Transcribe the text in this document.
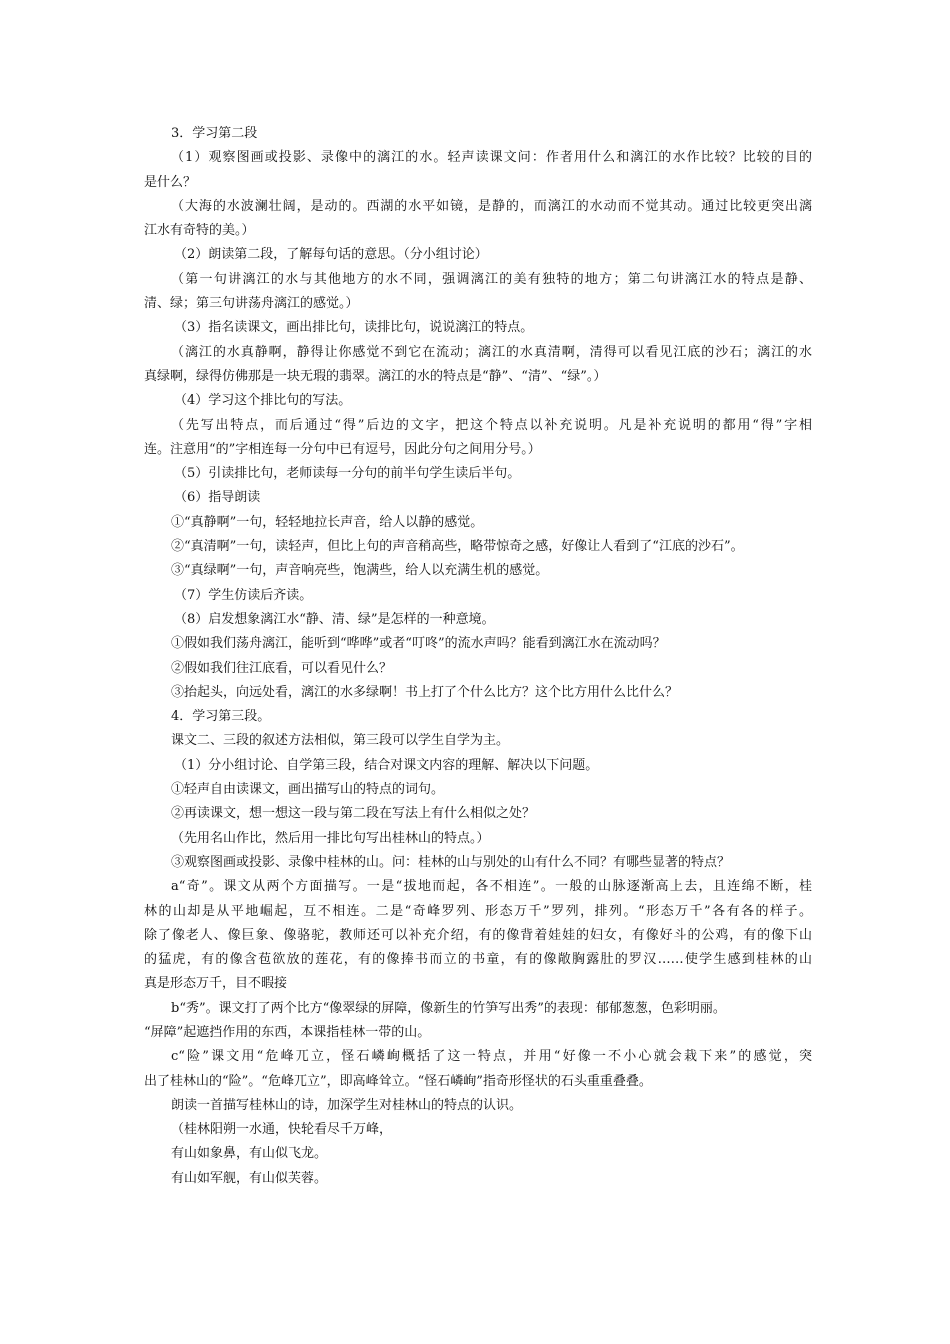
3．学习第二段
（1）观察图画或投影、录像中的漓江的水。轻声读课文问：作者用什么和漓江的水作比较？比较的目的
是什么？
（大海的水波澜壮阔，是动的。西湖的水平如镜，是静的，而漓江的水动而不觉其动。通过比较更突出漓
江水有奇特的美。）
（2）朗读第二段，了解每句话的意思。（分小组讨论）
（第一句讲漓江的水与其他地方的水不同，强调漓江的美有独特的地方；第二句讲漓江水的特点是静、
清、绿；第三句讲荡舟漓江的感觉。）
（3）指名读课文，画出排比句，读排比句，说说漓江的特点。
（漓江的水真静啊，静得让你感觉不到它在流动；漓江的水真清啊，清得可以看见江底的沙石；漓江的水
真绿啊，绿得仿佛那是一块无瑕的翡翠。漓江的水的特点是“静”、“清”、“绿”。）
（4）学习这个排比句的写法。
（先写出特点，而后通过“得”后边的文字，把这个特点以补充说明。凡是补充说明的都用“得”字相
连。注意用“的”字相连每一分句中已有逗号，因此分句之间用分号。）
（5）引读排比句，老师读每一分句的前半句学生读后半句。
（6）指导朗读
①“真静啊”一句，轻轻地拉长声音，给人以静的感觉。
②“真清啊”一句，读轻声，但比上句的声音稍高些，略带惊奇之感，好像让人看到了“江底的沙石”。
③“真绿啊”一句，声音响亮些，饱满些，给人以充满生机的感觉。
（7）学生仿读后齐读。
（8）启发想象漓江水“静、清、绿”是怎样的一种意境。
①假如我们荡舟漓江，能听到“哗哗”或者“叮咚”的流水声吗？能看到漓江水在流动吗？
②假如我们往江底看，可以看见什么？
③抬起头，向远处看，漓江的水多绿啊！书上打了个什么比方？这个比方用什么比什么？
4．学习第三段。
课文二、三段的叙述方法相似，第三段可以学生自学为主。
（1）分小组讨论、自学第三段，结合对课文内容的理解、解决以下问题。
①轻声自由读课文，画出描写山的特点的词句。
②再读课文，想一想这一段与第二段在写法上有什么相似之处？
（先用名山作比，然后用一排比句写出桂林山的特点。）
③观察图画或投影、录像中桂林的山。问：桂林的山与别处的山有什么不同？有哪些显著的特点？
a“奇”。课文从两个方面描写。一是“拔地而起，各不相连”。一般的山脉逐渐高上去，且连绵不断，桂
林的山却是从平地崛起，互不相连。二是“奇峰罗列、形态万千”罗列，排列。“形态万千”各有各的样子。
除了像老人、像巨象、像骆驼，教师还可以补充介绍，有的像背着娃娃的妇女，有像好斗的公鸡，有的像下山
的猛虎，有的像含苞欲放的莲花，有的像捧书而立的书童，有的像敞胸露肚的罗汉……使学生感到桂林的山
真是形态万千，目不暇接
b“秀”。课文打了两个比方“像翠绿的屏障，像新生的竹笋写出秀”的表现：郁郁葱葱，色彩明丽。
“屏障”起遮挡作用的东西，本课指桂林一带的山。
c“险”课文用“危峰兀立，怪石嶙峋概括了这一特点，并用“好像一不小心就会栽下来”的感觉，突
出了桂林山的“险”。“危峰兀立”，即高峰耸立。“怪石嶙峋”指奇形怪状的石头重重叠叠。
朗读一首描写桂林山的诗，加深学生对桂林山的特点的认识。
（桂林阳朔一水通，快轮看尽千万峰，
有山如象鼻，有山似飞龙。
有山如军舰，有山似芙蓉。
